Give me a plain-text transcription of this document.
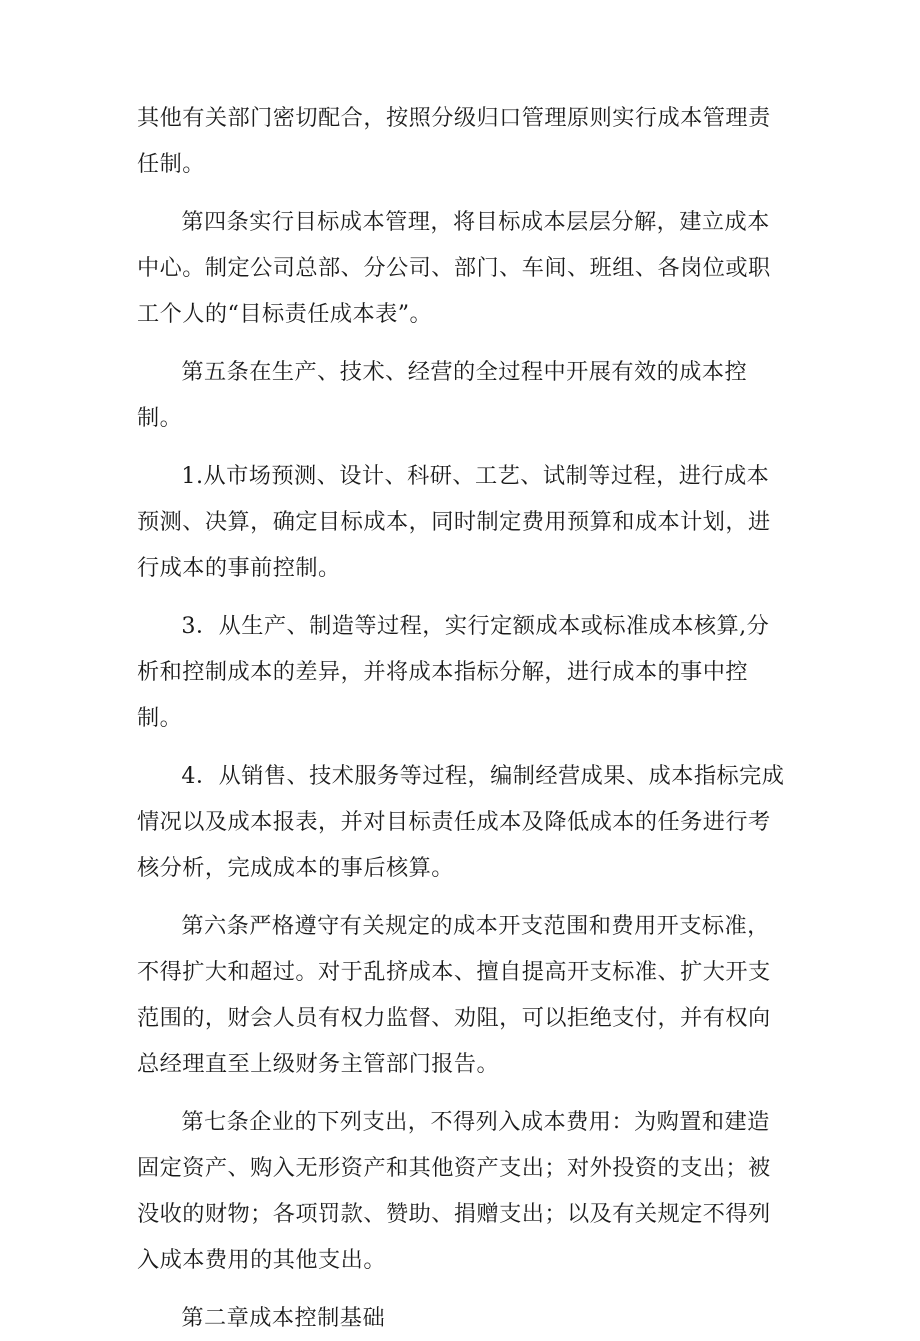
其他有关部门密切配合，按照分级归口管理原则实行成本管理责任制。

第四条实行目标成本管理，将目标成本层层分解，建立成本中心。制定公司总部、分公司、部门、车间、班组、各岗位或职工个人的“目标责任成本表”。

第五条在生产、技术、经营的全过程中开展有效的成本控制。

1.从市场预测、设计、科研、工艺、试制等过程，进行成本预测、决算，确定目标成本，同时制定费用预算和成本计划，进行成本的事前控制。

3．从生产、制造等过程，实行定额成本或标准成本核算,分析和控制成本的差异，并将成本指标分解，进行成本的事中控制。

4．从销售、技术服务等过程，编制经营成果、成本指标完成情况以及成本报表，并对目标责任成本及降低成本的任务进行考核分析，完成成本的事后核算。

第六条严格遵守有关规定的成本开支范围和费用开支标准，不得扩大和超过。对于乱挤成本、擅自提高开支标准、扩大开支范围的，财会人员有权力监督、劝阻，可以拒绝支付，并有权向总经理直至上级财务主管部门报告。

第七条企业的下列支出，不得列入成本费用：为购置和建造固定资产、购入无形资产和其他资产支出；对外投资的支出；被没收的财物；各项罚款、赞助、捐赠支出；以及有关规定不得列入成本费用的其他支出。

第二章成本控制基础
